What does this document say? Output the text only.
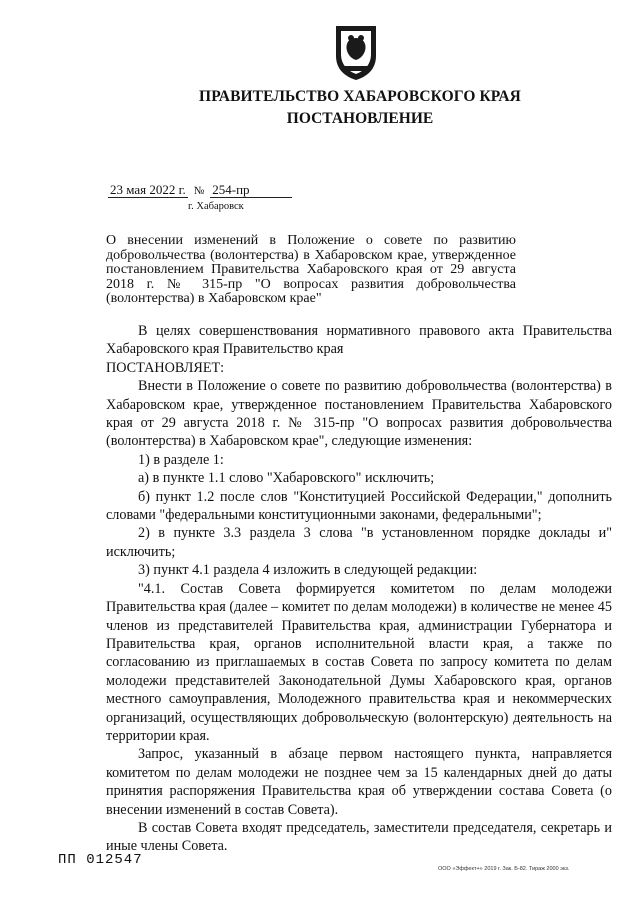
ПРАВИТЕЛЬСТВО ХАБАРОВСКОГО КРАЯ
ПОСТАНОВЛЕНИЕ
23 мая 2022 г. № 254-пр
г. Хабаровск
О внесении изменений в Положение о совете по развитию добровольчества (волонтерства) в Хабаровском крае, утвержденное постановлением Правительства Хабаровского края от 29 августа 2018 г. № 315-пр "О вопросах развития добровольчества (волонтерства) в Хабаровском крае"

В целях совершенствования нормативного правового акта Правительства Хабаровского края Правительство края

ПОСТАНОВЛЯЕТ:

Внести в Положение о совете по развитию добровольчества (волонтерства) в Хабаровском крае, утвержденное постановлением Правительства Хабаровского края от 29 августа 2018 г. № 315-пр "О вопросах развития добровольчества (волонтерства) в Хабаровском крае", следующие изменения:

1) в разделе 1:

а) в пункте 1.1 слово "Хабаровского" исключить;

б) пункт 1.2 после слов "Конституцией Российской Федерации," дополнить словами "федеральными конституционными законами, федеральными";

2) в пункте 3.3 раздела 3 слова "в установленном порядке доклады и" исключить;

3) пункт 4.1 раздела 4 изложить в следующей редакции:

"4.1. Состав Совета формируется комитетом по делам молодежи Правительства края (далее – комитет по делам молодежи) в количестве не менее 45 членов из представителей Правительства края, администрации Губернатора и Правительства края, органов исполнительной власти края, а также по согласованию из приглашаемых в состав Совета по запросу комитета по делам молодежи представителей Законодательной Думы Хабаровского края, органов местного самоуправления, Молодежного правительства края и некоммерческих организаций, осуществляющих добровольческую (волонтерскую) деятельность на территории края.

Запрос, указанный в абзаце первом настоящего пункта, направляется комитетом по делам молодежи не позднее чем за 15 календарных дней до даты принятия распоряжения Правительства края об утверждении состава Совета (о внесении изменений в состав Совета).

В состав Совета входят председатель, заместители председателя, секретарь и иные члены Совета.

ПП 012547
ООО «Эффект+» 2019 г. Зак. Б-82. Тираж 2000 экз.
